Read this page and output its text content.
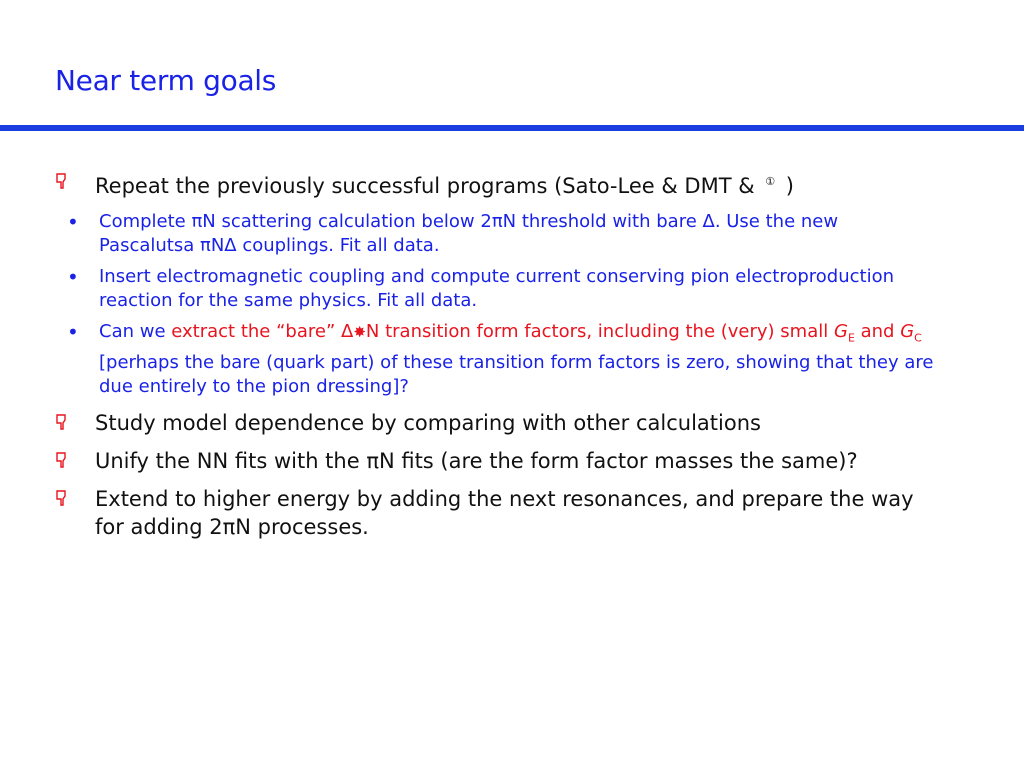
Near term goals
Repeat the previously successful programs (Sato-Lee & DMT & ① )
• Complete πN scattering calculation below 2πN threshold with bare Δ. Use the new Pascalutsa πNΔ couplings. Fit all data.
• Insert electromagnetic coupling and compute current conserving pion electroproduction reaction for the same physics. Fit all data.
• Can we extract the “bare” Δ✸N transition form factors, including the (very) small $G_E$ and $G_C$ [perhaps the bare (quark part) of these transition form factors is zero, showing that they are due entirely to the pion dressing]?
Study model dependence by comparing with other calculations
Unify the NN fits with the πN fits (are the form factor masses the same)?
Extend to higher energy by adding the next resonances, and prepare the way for adding 2πN processes.
